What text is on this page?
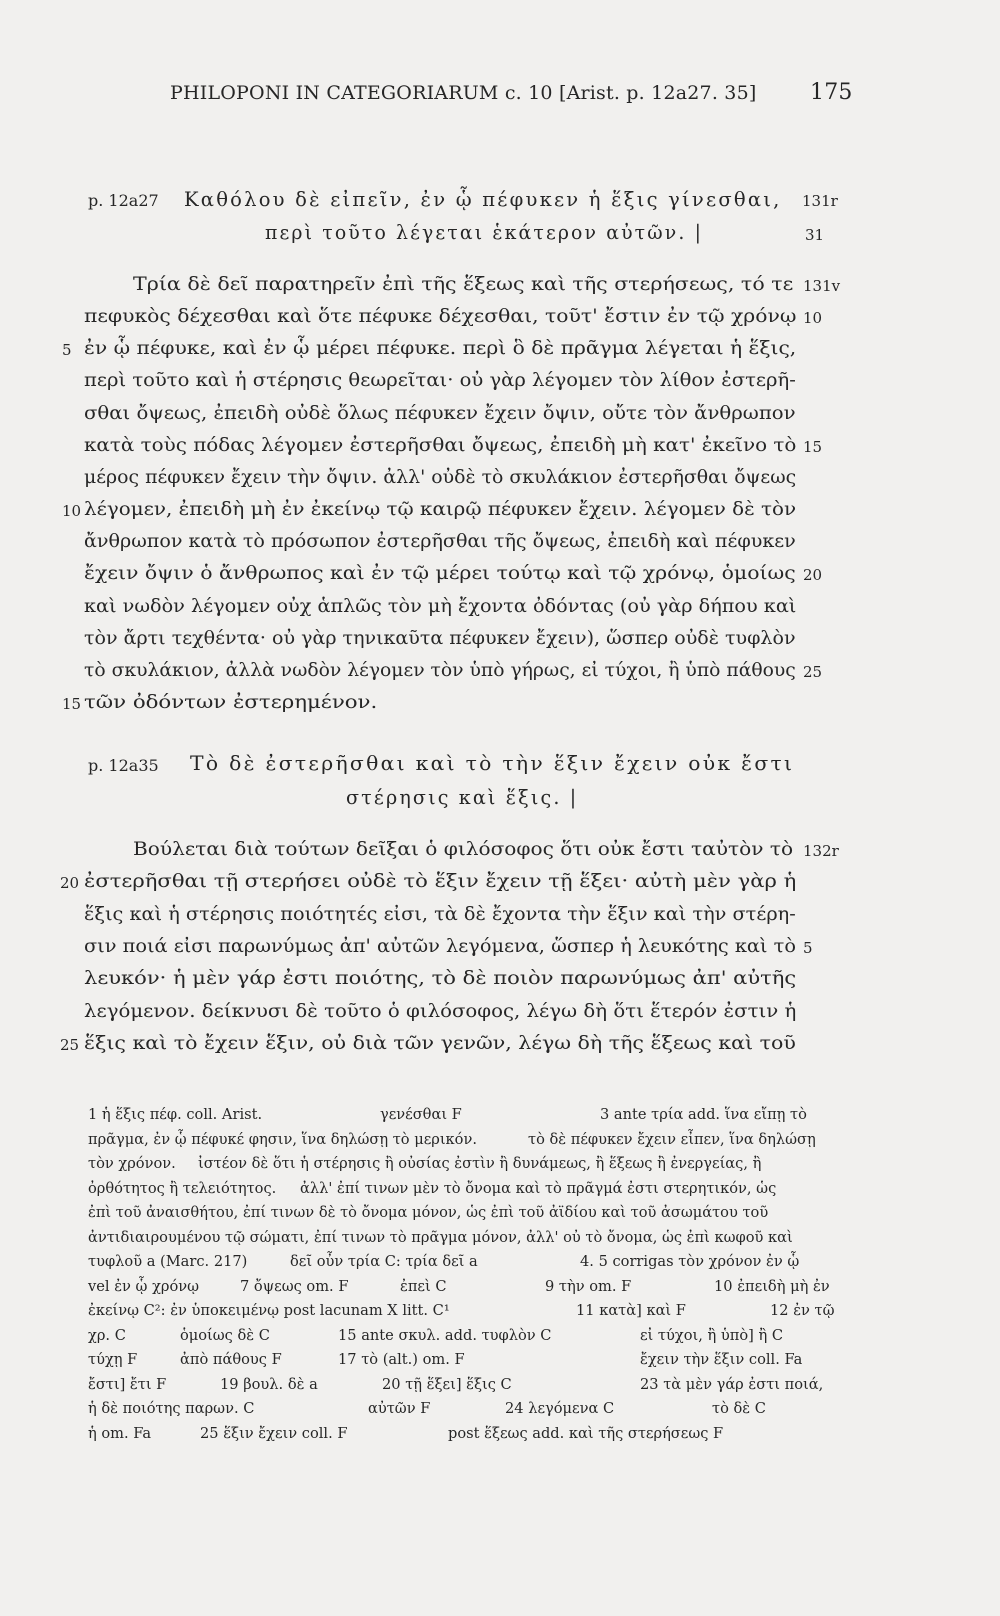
PHILOPONI IN CATEGORIARUM c. 10 [Arist. p. 12a27. 35] 175
p. 12a27 Καθόλου δὲ εἰπεῖν, ἐν ᾧ πέφυκεν ἡ ἕξις γίνεσθαι,
περὶ τοῦτο λέγεται ἑκάτερον αὐτῶν. |
131r
31
Τρία δὲ δεῖ παρατηρεῖν ἐπὶ τῆς ἕξεως καὶ τῆς στερήσεως, τό τε
πεφυκὸς δέχεσθαι καὶ ὅτε πέφυκε δέχεσθαι, τοῦτ' ἔστιν ἐν τῷ χρόνῳ
ἐν ᾧ πέφυκε, καὶ ἐν ᾧ μέρει πέφυκε. περὶ ὃ δὲ πρᾶγμα λέγεται ἡ ἕξις,
περὶ τοῦτο καὶ ἡ στέρησις θεωρεῖται· οὐ γὰρ λέγομεν τὸν λίθον ἐστερῆ-
σθαι ὄψεως, ἐπειδὴ οὐδὲ ὅλως πέφυκεν ἔχειν ὄψιν, οὔτε τὸν ἄνθρωπον
κατὰ τοὺς πόδας λέγομεν ἐστερῆσθαι ὄψεως, ἐπειδὴ μὴ κατ' ἐκεῖνο τὸ
μέρος πέφυκεν ἔχειν τὴν ὄψιν. ἀλλ' οὐδὲ τὸ σκυλάκιον ἐστερῆσθαι ὄψεως
λέγομεν, ἐπειδὴ μὴ ἐν ἐκείνῳ τῷ καιρῷ πέφυκεν ἔχειν. λέγομεν δὲ τὸν
ἄνθρωπον κατὰ τὸ πρόσωπον ἐστερῆσθαι τῆς ὄψεως, ἐπειδὴ καὶ πέφυκεν
ἔχειν ὄψιν ὁ ἄνθρωπος καὶ ἐν τῷ μέρει τούτῳ καὶ τῷ χρόνῳ, ὁμοίως
καὶ νωδὸν λέγομεν οὐχ ἁπλῶς τὸν μὴ ἔχοντα ὀδόντας (οὐ γὰρ δήπου καὶ
τὸν ἄρτι τεχθέντα· οὐ γὰρ τηνικαῦτα πέφυκεν ἔχειν), ὥσπερ οὐδὲ τυφλὸν
τὸ σκυλάκιον, ἀλλὰ νωδὸν λέγομεν τὸν ὑπὸ γήρως, εἰ τύχοι, ἢ ὑπὸ πάθους
τῶν ὀδόντων ἐστερημένον.
5
10
15
131v
10
15
20
25
p. 12a35 Τὸ δὲ ἐστερῆσθαι καὶ τὸ τὴν ἕξιν ἔχειν οὐκ ἔστι
στέρησις καὶ ἕξις. |
Βούλεται διὰ τούτων δεῖξαι ὁ φιλόσοφος ὅτι οὐκ ἔστι ταὐτὸν τὸ
ἐστερῆσθαι τῇ στερήσει οὐδὲ τὸ ἕξιν ἔχειν τῇ ἕξει· αὐτὴ μὲν γὰρ ἡ
ἕξις καὶ ἡ στέρησις ποιότητές εἰσι, τὰ δὲ ἔχοντα τὴν ἕξιν καὶ τὴν στέρη-
σιν ποιά εἰσι παρωνύμως ἀπ' αὐτῶν λεγόμενα, ὥσπερ ἡ λευκότης καὶ τὸ
λευκόν· ἡ μὲν γάρ ἐστι ποιότης, τὸ δὲ ποιὸν παρωνύμως ἀπ' αὐτῆς
λεγόμενον. δείκνυσι δὲ τοῦτο ὁ φιλόσοφος, λέγω δὴ ὅτι ἕτερόν ἐστιν ἡ
ἕξις καὶ τὸ ἔχειν ἕξιν, οὐ διὰ τῶν γενῶν, λέγω δὴ τῆς ἕξεως καὶ τοῦ
20
25
132r
5
1 ἡ ἕξις πέφ. coll. Arist.	γενέσθαι F	3 ante τρία add. ἵνα εἴπῃ τὸ
πρᾶγμα, ἐν ᾧ πέφυκέ φησιν, ἵνα δηλώσῃ τὸ μερικόν.	τὸ δὲ πέφυκεν ἔχειν εἶπεν, ἵνα δηλώσῃ
τὸν χρόνον. ἰστέον δὲ ὅτι ἡ στέρησις ἢ οὐσίας ἐστὶν ἢ δυνάμεως, ἢ ἕξεως ἢ ἐνεργείας, ἢ
ὀρθότητος ἢ τελειότητος. ἀλλ' ἐπί τινων μὲν τὸ ὄνομα καὶ τὸ πρᾶγμά ἐστι στερητικόν, ὡς
ἐπὶ τοῦ ἀναισθήτου, ἐπί τινων δὲ τὸ ὄνομα μόνον, ὡς ἐπὶ τοῦ ἀϊδίου καὶ τοῦ ἀσωμάτου τοῦ
ἀντιδιαιρουμένου τῷ σώματι, ἐπί τινων τὸ πρᾶγμα μόνον, ἀλλ' οὐ τὸ ὄνομα, ὡς ἐπὶ κωφοῦ καὶ
τυφλοῦ a (Marc. 217)	δεῖ οὖν τρία C: τρία δεῖ a	4. 5 corrigas τὸν χρόνον ἐν ᾧ
vel ἐν ᾧ χρόνῳ	7 ὄψεως om. F	ἐπεὶ C	9 τὴν om. F	10 ἐπειδὴ μὴ ἐν
ἐκείνῳ C²: ἐν ὑποκειμένῳ post lacunam X litt. C¹	11 κατὰ] καὶ F	12 ἐν τῷ
χρ. C	ὁμοίως δὲ C	15 ante σκυλ. add. τυφλὸν C	εἰ τύχοι, ἢ ὑπὸ] ἢ C
τύχῃ F	ἀπὸ πάθους F	17 τὸ (alt.) om. F	ἔχειν τὴν ἕξιν coll. Fa
ἔστι] ἔτι F	19 βουλ. δὲ a	20 τῇ ἕξει] ἕξις C	23 τὰ μὲν γάρ ἐστι ποιά,
ἡ δὲ ποιότης παρων. C	αὐτῶν F	24 λεγόμενα C	τὸ δὲ C
ἡ om. Fa	25 ἕξιν ἔχειν coll. F	post ἕξεως add. καὶ τῆς στερήσεως F
